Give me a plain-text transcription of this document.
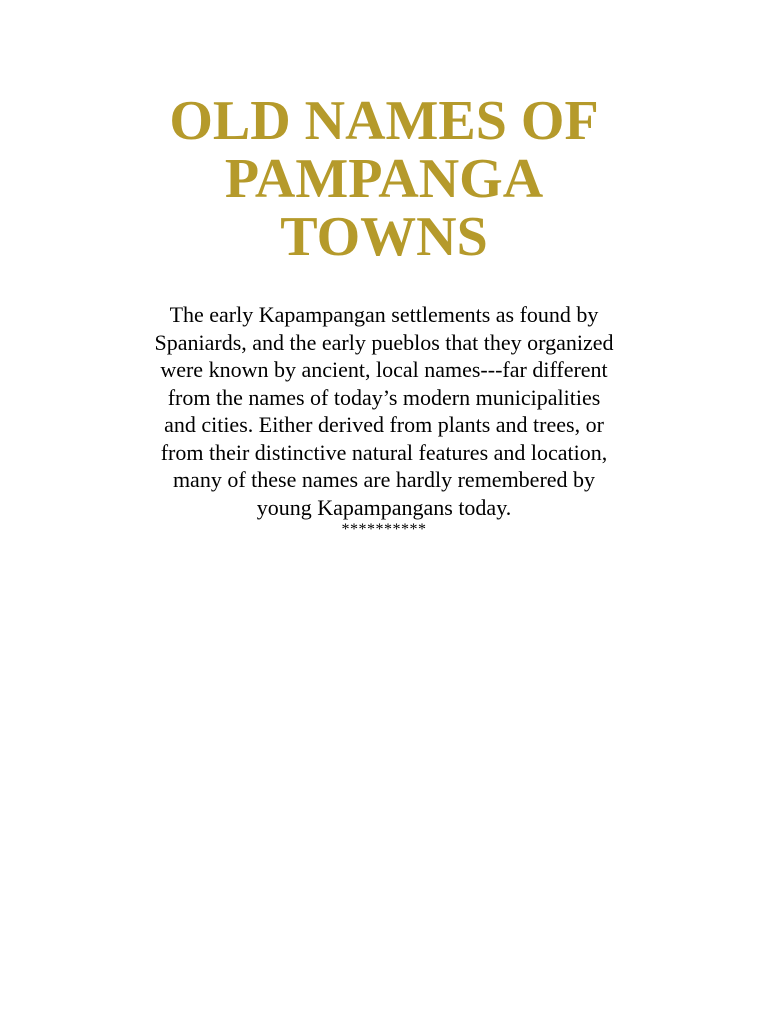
OLD NAMES OF
PAMPANGA
TOWNS

The early Kapampangan settlements as found by
Spaniards, and the early pueblos that they organized
were known by ancient, local names---far different
from the names of today’s modern municipalities
and cities. Either derived from plants and trees, or
from their distinctive natural features and location,
many of these names are hardly remembered by
young Kapampangans today.

**********
